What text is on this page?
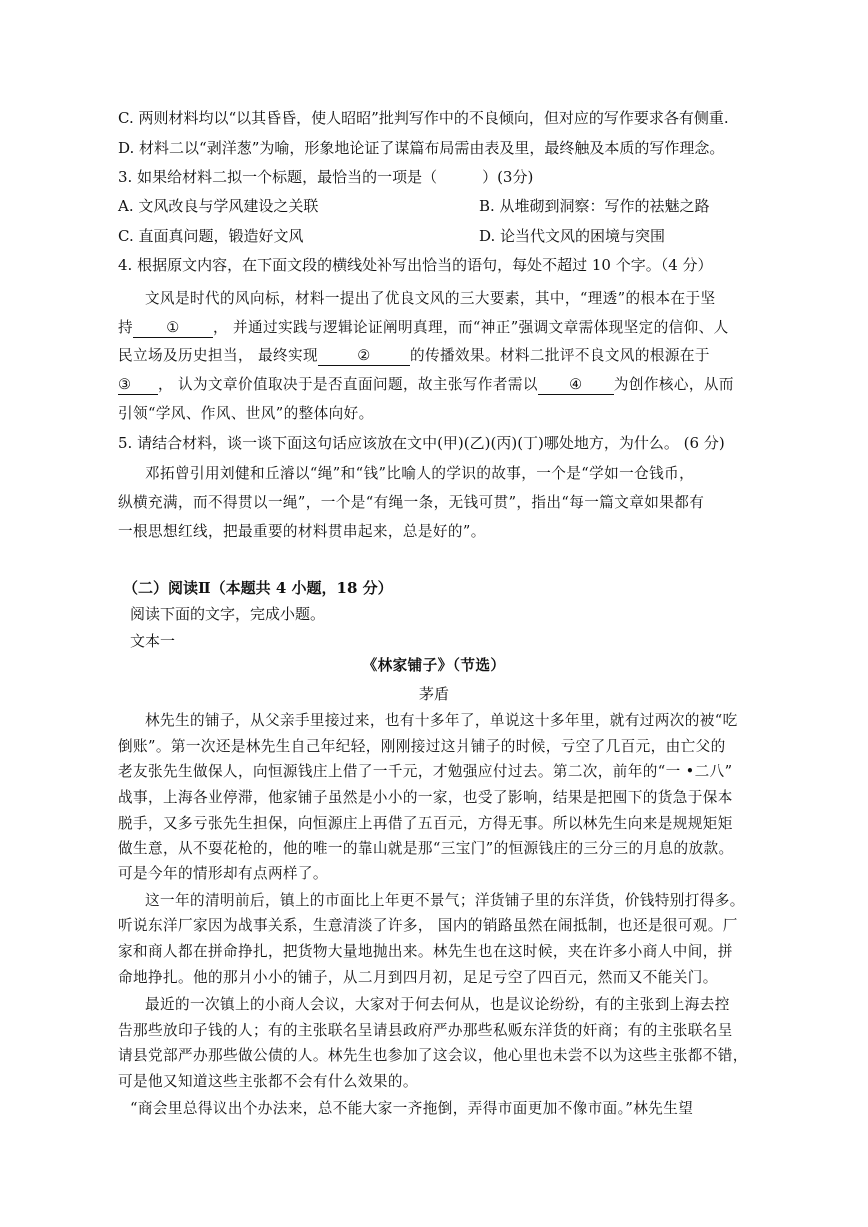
C. 两则材料均以“以其昏昏，使人昭昭”批判写作中的不良倾向，但对应的写作要求各有侧重.
D. 材料二以“剥洋葱”为喻，形象地论证了谋篇布局需由表及里，最终触及本质的写作理念。
3. 如果给材料二拟一个标题，最恰当的一项是（　　　）(3分)
A. 文风改良与学风建设之关联	B. 从堆砌到洞察：写作的祛魅之路
C. 直面真问题，锻造好文风	D. 论当代文风的困境与突围
4. 根据原文内容，在下面文段的横线处补写出恰当的语句，每处不超过 10 个字。（4 分）
文风是时代的风向标，材料一提出了优良文风的三大要素，其中，“理透”的根本在于坚
持 ① ， 并通过实践与逻辑论证阐明真理，而“神正”强调文章需体现坚定的信仰、人
民立场及历史担当， 最终实现	②	的传播效果。材料二批评不良文风的根源在于
③ ， 认为文章价值取决于是否直面问题，故主张写作者需以 ④ 为创作核心，从而
引领“学风、作风、世风”的整体向好。
5. 请结合材料，谈一谈下面这句话应该放在文中(甲)(乙)(丙)(丁)哪处地方，为什么。 (6 分)
邓拓曾引用刘健和丘濬以“绳”和“钱”比喻人的学识的故事，一个是“学如一仓钱币，
纵横充满，而不得贯以一绳”，一个是“有绳一条，无钱可贯”，指出“每一篇文章如果都有
一根思想红线，把最重要的材料贯串起来，总是好的”。
（二）阅读Ⅱ（本题共 4 小题，18 分）
阅读下面的文字，完成小题。
文本一
《林家铺子》（节选）
茅盾
林先生的铺子，从父亲手里接过来，也有十多年了，单说这十多年里，就有过两次的被“吃
倒账”。第一次还是林先生自己年纪轻，刚刚接过这爿铺子的时候，亏空了几百元，由亡父的
老友张先生做保人，向恒源钱庄上借了一千元，才勉强应付过去。第二次，前年的“一 •二八”
战事，上海各业停滞，他家铺子虽然是小小的一家，也受了影响，结果是把囤下的货急于保本
脱手，又多亏张先生担保，向恒源庄上再借了五百元，方得无事。所以林先生向来是规规矩矩
做生意，从不耍花枪的，他的唯一的靠山就是那“三宝门”的恒源钱庄的三分三的月息的放款。
可是今年的情形却有点两样了。
这一年的清明前后，镇上的市面比上年更不景气；洋货铺子里的东洋货，价钱特别打得多。
听说东洋厂家因为战事关系，生意清淡了许多， 国内的销路虽然在闹抵制，也还是很可观。厂
家和商人都在拼命挣扎，把货物大量地抛出来。林先生也在这时候，夹在许多小商人中间，拼
命地挣扎。他的那爿小小的铺子，从二月到四月初，足足亏空了四百元，然而又不能关门。
最近的一次镇上的小商人会议，大家对于何去何从，也是议论纷纷，有的主张到上海去控
告那些放印子钱的人；有的主张联名呈请县政府严办那些私贩东洋货的奸商；有的主张联名呈
请县党部严办那些做公债的人。林先生也参加了这会议，他心里也未尝不以为这些主张都不错，
可是他又知道这些主张都不会有什么效果的。
“商会里总得议出个办法来，总不能大家一齐拖倒，弄得市面更加不像市面。”林先生望
